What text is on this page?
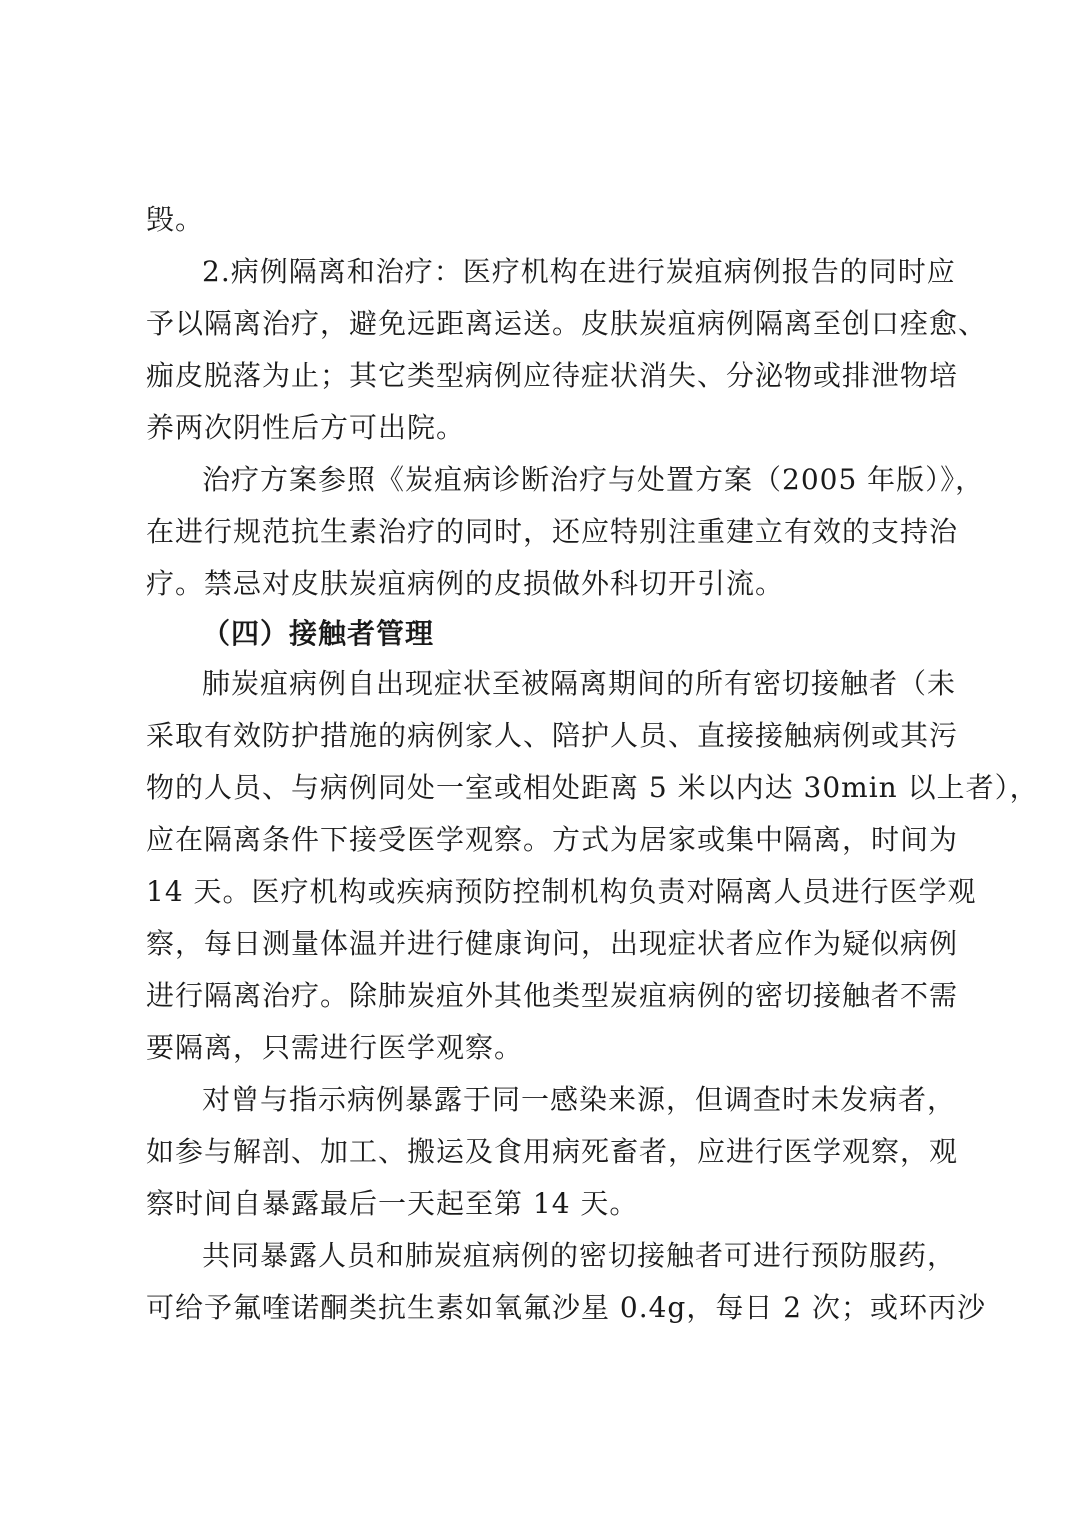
毁。
2.病例隔离和治疗：医疗机构在进行炭疽病例报告的同时应
予以隔离治疗，避免远距离运送。皮肤炭疽病例隔离至创口痊愈、
痂皮脱落为止；其它类型病例应待症状消失、分泌物或排泄物培
养两次阴性后方可出院。
治疗方案参照《炭疽病诊断治疗与处置方案（2005 年版）》，
在进行规范抗生素治疗的同时，还应特别注重建立有效的支持治
疗。禁忌对皮肤炭疽病例的皮损做外科切开引流。
（四）接触者管理
肺炭疽病例自出现症状至被隔离期间的所有密切接触者（未
采取有效防护措施的病例家人、陪护人员、直接接触病例或其污
物的人员、与病例同处一室或相处距离 5 米以内达 30min 以上者），
应在隔离条件下接受医学观察。方式为居家或集中隔离，时间为
14 天。医疗机构或疾病预防控制机构负责对隔离人员进行医学观
察，每日测量体温并进行健康询问，出现症状者应作为疑似病例
进行隔离治疗。除肺炭疽外其他类型炭疽病例的密切接触者不需
要隔离，只需进行医学观察。
对曾与指示病例暴露于同一感染来源，但调查时未发病者，
如参与解剖、加工、搬运及食用病死畜者，应进行医学观察，观
察时间自暴露最后一天起至第 14 天。
共同暴露人员和肺炭疽病例的密切接触者可进行预防服药，
可给予氟喹诺酮类抗生素如氧氟沙星 0.4g，每日 2 次；或环丙沙
